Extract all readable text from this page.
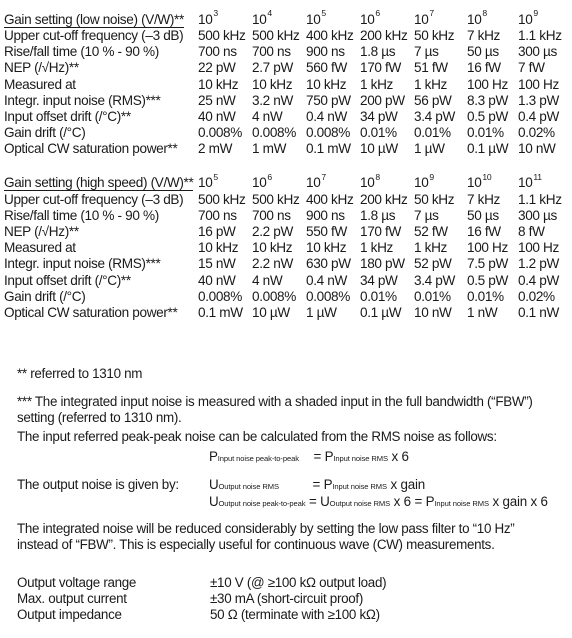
Gain setting (low noise) (V/W)**	$10^3$	$10^4$	$10^5$	$10^6$	$10^7$	$10^8$	$10^9$
Upper cut-off frequency (–3 dB)	500 kHz	500 kHz	400 kHz	200 kHz	50 kHz	7 kHz	1.1 kHz
Rise/fall time (10 % - 90 %)	700 ns	700 ns	900 ns	1.8 µs	7 µs	50 µs	300 µs
NEP (/√Hz)**	22 pW	2.7 pW	560 fW	170 fW	51 fW	16 fW	7 fW
Measured at	10 kHz	10 kHz	10 kHz	1 kHz	1 kHz	100 Hz	100 Hz
Integr. input noise (RMS)***	25 nW	3.2 nW	750 pW	200 pW	56 pW	8.3 pW	1.3 pW
Input offset drift (/°C)**	40 nW	4 nW	0.4 nW	34 pW	3.4 pW	0.5 pW	0.4 pW
Gain drift (/°C)	0.008%	0.008%	0.008%	0.01%	0.01%	0.01%	0.02%
Optical CW saturation power**	2 mW	1 mW	0.1 mW	10 µW	1 µW	0.1 µW	10 nW

Gain setting (high speed) (V/W)**	$10^5$	$10^6$	$10^7$	$10^8$	$10^9$	$10^{10}$	$10^{11}$
Upper cut-off frequency (–3 dB)	500 kHz	500 kHz	400 kHz	200 kHz	50 kHz	7 kHz	1.1 kHz
Rise/fall time (10 % - 90 %)	700 ns	700 ns	900 ns	1.8 µs	7 µs	50 µs	300 µs
NEP (/√Hz)**	16 pW	2.2 pW	550 fW	170 fW	52 fW	16 fW	8 fW
Measured at	10 kHz	10 kHz	10 kHz	1 kHz	1 kHz	100 Hz	100 Hz
Integr. input noise (RMS)***	15 nW	2.2 nW	630 pW	180 pW	52 pW	7.5 pW	1.2 pW
Input offset drift (/°C)**	40 nW	4 nW	0.4 nW	34 pW	3.4 pW	0.5 pW	0.4 pW
Gain drift (/°C)	0.008%	0.008%	0.008%	0.01%	0.01%	0.01%	0.02%
Optical CW saturation power**	0.1 mW	10 µW	1 µW	0.1 µW	10 nW	1 nW	0.1 nW
** referred to 1310 nm
*** The integrated input noise is measured with a shaded input in the full bandwidth (“FBW”) setting (referred to 1310 nm).
The input referred peak-peak noise can be calculated from the RMS noise as follows:
PInput noise peak-to-peak = PInput noise RMS x 6
The output noise is given by: UOutput noise RMS	= PInput noise RMS x gain
UOutput noise peak-to-peak = UOutput noise RMS x 6 = PInput noise RMS x gain x 6
The integrated noise will be reduced considerably by setting the low pass filter to “10 Hz” instead of “FBW”. This is especially useful for continuous wave (CW) measurements.
Output voltage range	±10 V (@ ≥100 kΩ output load)
Max. output current	±30 mA (short-circuit proof)
Output impedance	50 Ω (terminate with ≥100 kΩ)
